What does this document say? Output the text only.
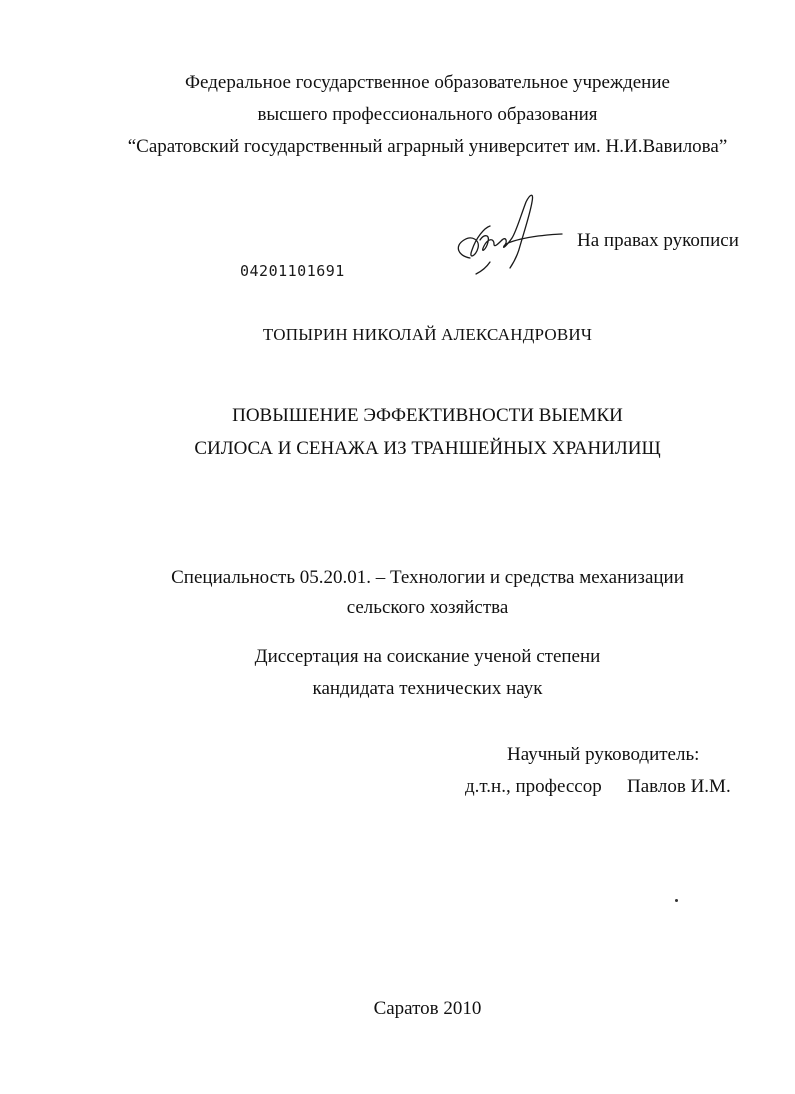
Федеральное государственное образовательное учреждение
высшего профессионального образования
“Саратовский государственный аграрный университет им. Н.И.Вавилова”
На правах рукописи
04201101691
ТОПЫРИН НИКОЛАЙ АЛЕКСАНДРОВИЧ
ПОВЫШЕНИЕ ЭФФЕКТИВНОСТИ ВЫЕМКИ
СИЛОСА И СЕНАЖА ИЗ ТРАНШЕЙНЫХ ХРАНИЛИЩ
Специальность 05.20.01. – Технологии и средства механизации
сельского хозяйства
Диссертация на соискание ученой степени
кандидата технических наук
Научный руководитель:
д.т.н., профессор Павлов И.М.
Саратов 2010
